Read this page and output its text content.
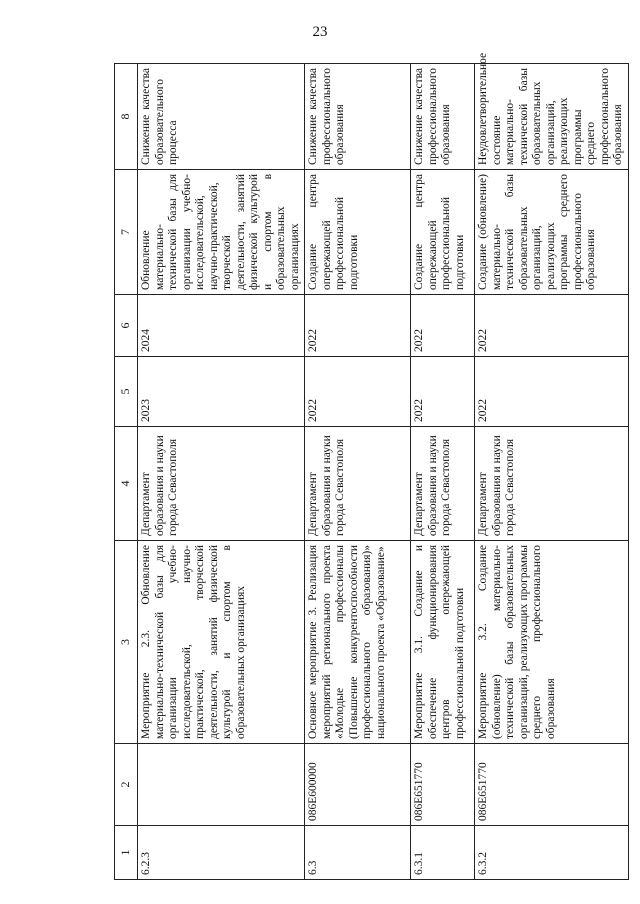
23
1	2	3	4	5	6	7	8
6.2.3		Мероприятие 2.3. Обновление материально-технической базы для организации учебно-исследовательской, научно-практической, творческой деятельности, занятий физической культурой и спортом в образовательных организациях	Департамент образования и науки города Севастополя	2023	2024	Обновление материально-технической базы для организации учебно-исследовательской, научно-практической, творческой деятельности, занятий физической культурой и спортом в образовательных организациях	Снижение качества образовательного процесса
6.3	086E600000	Основное мероприятие 3. Реализация мероприятий регионального проекта «Молодые профессионалы (Повышение конкурентоспособности профессионального образования)» национального проекта «Образование»	Департамент образования и науки города Севастополя	2022	2022	Создание центра опережающей профессиональной подготовки	Снижение качества профессионального образования
6.3.1	086E651770	Мероприятие 3.1. Создание и обеспечение функционирования центров опережающей профессиональной подготовки	Департамент образования и науки города Севастополя	2022	2022	Создание центра опережающей профессиональной подготовки	Снижение качества профессионального образования
6.3.2	086E651770	Мероприятие 3.2. Создание (обновление) материально-технической базы образовательных организаций, реализующих программы среднего профессионального образования	Департамент образования и науки города Севастополя	2022	2022	Создание (обновление) материально-технической базы образовательных организаций, реализующих программы среднего профессионального образования	Неудовлетворительное состояние материально-технической базы образовательных организаций, реализующих программы среднего профессионального образования
